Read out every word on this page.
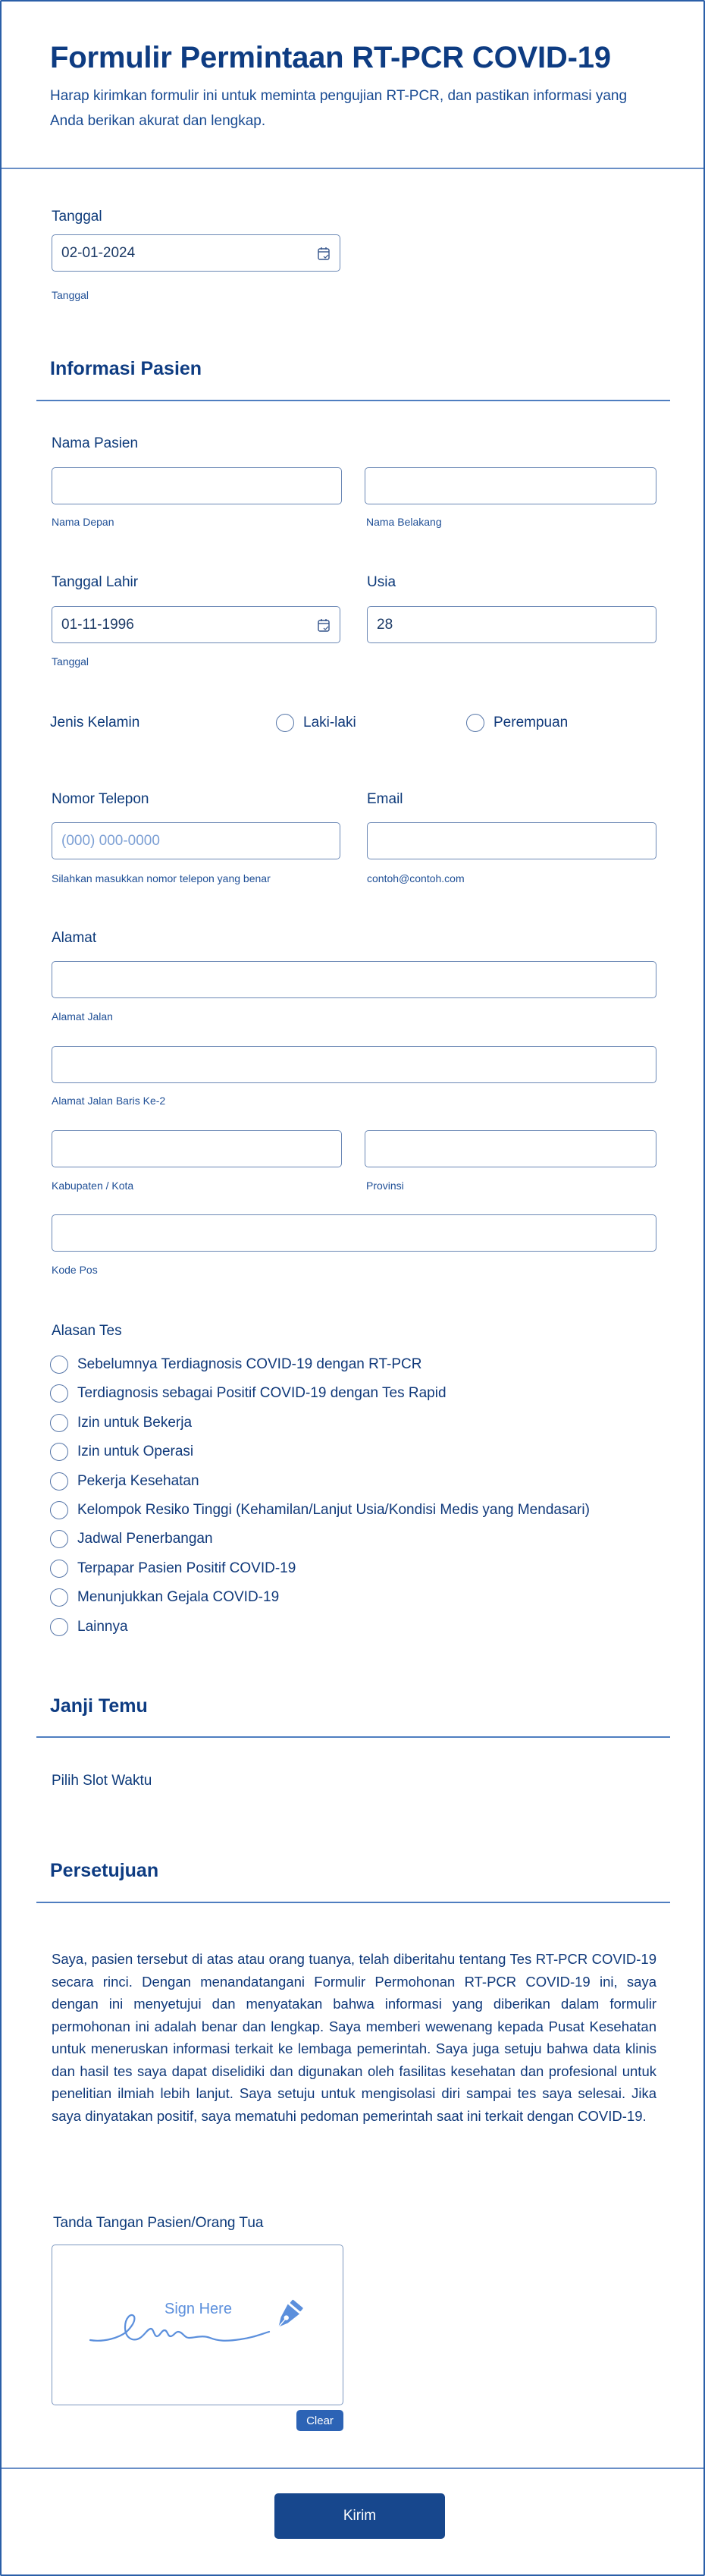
Formulir Permintaan RT-PCR COVID-19
Harap kirimkan formulir ini untuk meminta pengujian RT-PCR, dan pastikan informasi yang Anda berikan akurat dan lengkap.
Tanggal
02-01-2024
Tanggal
Informasi Pasien
Nama Pasien
Nama Depan	Nama Belakang
Tanggal Lahir	Usia
01-11-1996	28
Tanggal
Jenis Kelamin	Laki-laki	Perempuan
Nomor Telepon	Email
(000) 000-0000
Silahkan masukkan nomor telepon yang benar	contoh@contoh.com
Alamat
Alamat Jalan
Alamat Jalan Baris Ke-2
Kabupaten / Kota	Provinsi
Kode Pos
Alasan Tes
Sebelumnya Terdiagnosis COVID-19 dengan RT-PCR
Terdiagnosis sebagai Positif COVID-19 dengan Tes Rapid
Izin untuk Bekerja
Izin untuk Operasi
Pekerja Kesehatan
Kelompok Resiko Tinggi (Kehamilan/Lanjut Usia/Kondisi Medis yang Mendasari)
Jadwal Penerbangan
Terpapar Pasien Positif COVID-19
Menunjukkan Gejala COVID-19
Lainnya
Janji Temu
Pilih Slot Waktu
Persetujuan
Saya, pasien tersebut di atas atau orang tuanya, telah diberitahu tentang Tes RT-PCR COVID-19 secara rinci. Dengan menandatangani Formulir Permohonan RT-PCR COVID-19 ini, saya dengan ini menyetujui dan menyatakan bahwa informasi yang diberikan dalam formulir permohonan ini adalah benar dan lengkap. Saya memberi wewenang kepada Pusat Kesehatan untuk meneruskan informasi terkait ke lembaga pemerintah. Saya juga setuju bahwa data klinis dan hasil tes saya dapat diselidiki dan digunakan oleh fasilitas kesehatan dan profesional untuk penelitian ilmiah lebih lanjut. Saya setuju untuk mengisolasi diri sampai tes saya selesai. Jika saya dinyatakan positif, saya mematuhi pedoman pemerintah saat ini terkait dengan COVID-19.
Tanda Tangan Pasien/Orang Tua
Sign Here
Clear
Kirim
